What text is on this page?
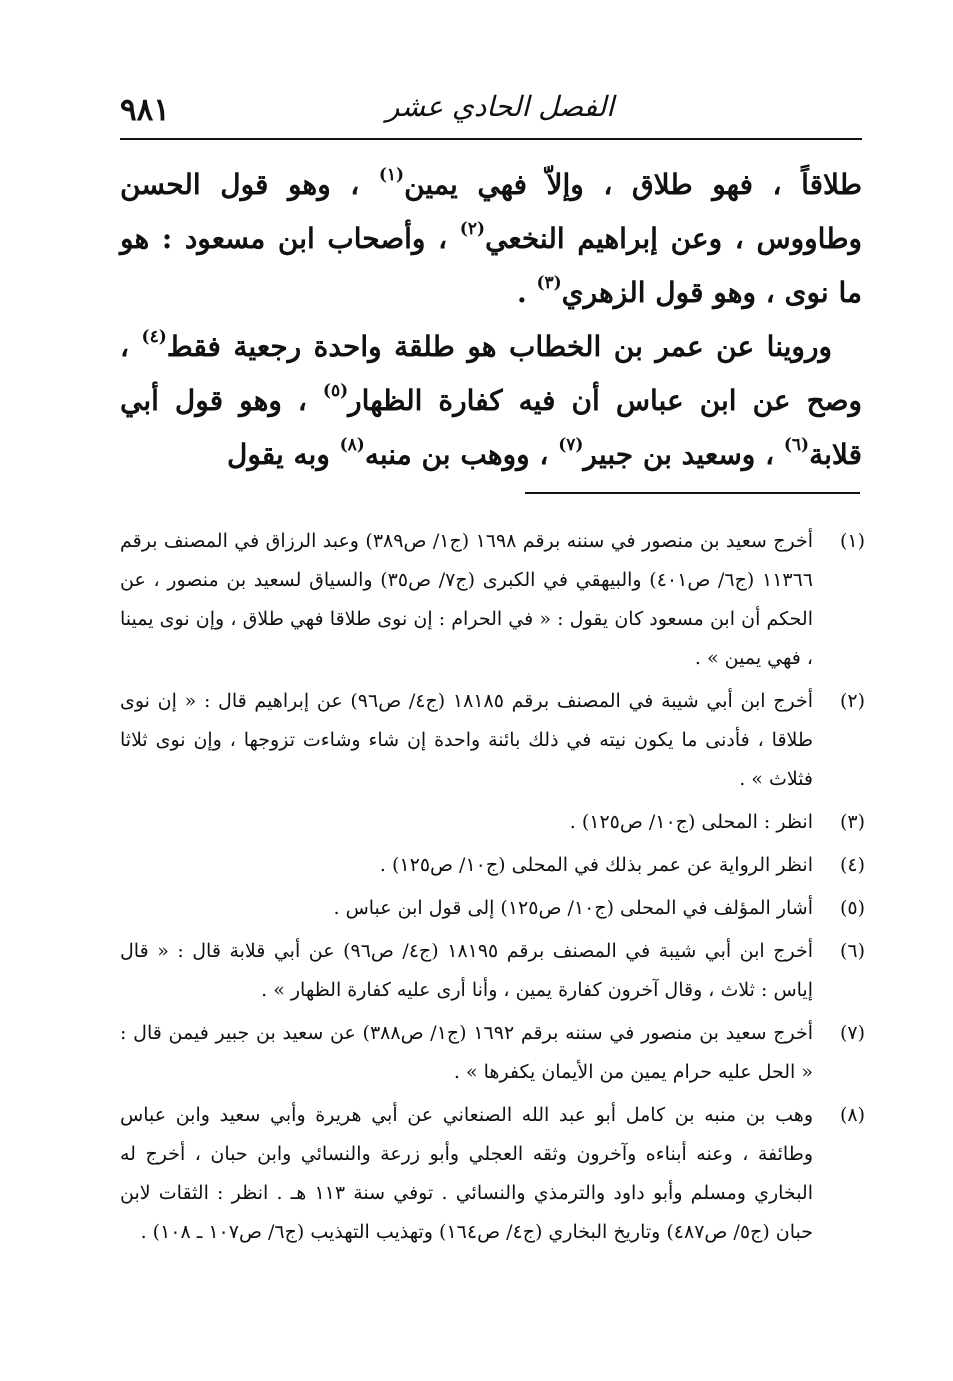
٩٨١	الفصل الحادي عشر

طلاقاً ، فهو طلاق ، وإلاّ فهي يمين$^{(١)}$ ، وهو قول الحسن وطاووس ، وعن إبراهيم النخعي$^{(٢)}$ ، وأصحاب ابن مسعود : هو ما نوى ، وهو قول الزهري$^{(٣)}$ .

وروينا عن عمر بن الخطاب هو طلقة واحدة رجعية فقط$^{(٤)}$ ، وصح عن ابن عباس أن فيه كفارة الظهار$^{(٥)}$ ، وهو قول أبي قلابة$^{(٦)}$ ، وسعيد بن جبير$^{(٧)}$ ، ووهب بن منبه$^{(٨)}$ وبه يقول

(١)
أخرج سعيد بن منصور في سننه برقم ١٦٩٨ (ج١/ ص٣٨٩) وعبد الرزاق في المصنف برقم ١١٣٦٦ (ج٦/ ص٤٠١) والبيهقي في الكبرى (ج٧/ ص٣٥) والسياق لسعيد بن منصور ، عن الحكم أن ابن مسعود كان يقول : « في الحرام : إن نوى طلاقا فهي طلاق ، وإن نوى يمينا ، فهي يمين » .
(٢)
أخرج ابن أبي شيبة في المصنف برقم ١٨١٨٥ (ج٤/ ص٩٦) عن إبراهيم قال : « إن نوى طلاقا ، فأدنى ما يكون نيته في ذلك بائنة واحدة إن شاء وشاءت تزوجها ، وإن نوى ثلاثا فثلاث » .
(٣)
انظر : المحلى (ج١٠/ ص١٢٥) .
(٤)
انظر الرواية عن عمر بذلك في المحلى (ج١٠/ ص١٢٥) .
(٥)
أشار المؤلف في المحلى (ج١٠/ ص١٢٥) إلى قول ابن عباس .
(٦)
أخرج ابن أبي شيبة في المصنف برقم ١٨١٩٥ (ج٤/ ص٩٦) عن أبي قلابة قال : « قال إياس : ثلاث ، وقال آخرون كفارة يمين ، وأنا أرى عليه كفارة الظهار » .
(٧)
أخرج سعيد بن منصور في سننه برقم ١٦٩٢ (ج١/ ص٣٨٨) عن سعيد بن جبير فيمن قال : « الحل عليه حرام يمين من الأيمان يكفرها » .
(٨)
وهب بن منبه بن كامل أبو عبد الله الصنعاني عن أبي هريرة وأبي سعيد وابن عباس وطائفة ، وعنه أبناءه وآخرون وثقه العجلي وأبو زرعة والنسائي وابن حبان ، أخرج له البخاري ومسلم وأبو داود والترمذي والنسائي . توفي سنة ١١٣ هـ . انظر : الثقات لابن حبان (ج٥/ ص٤٨٧) وتاريخ البخاري (ج٤/ ص١٦٤) وتهذيب التهذيب (ج٦/ ص١٠٧ ـ ١٠٨) .
